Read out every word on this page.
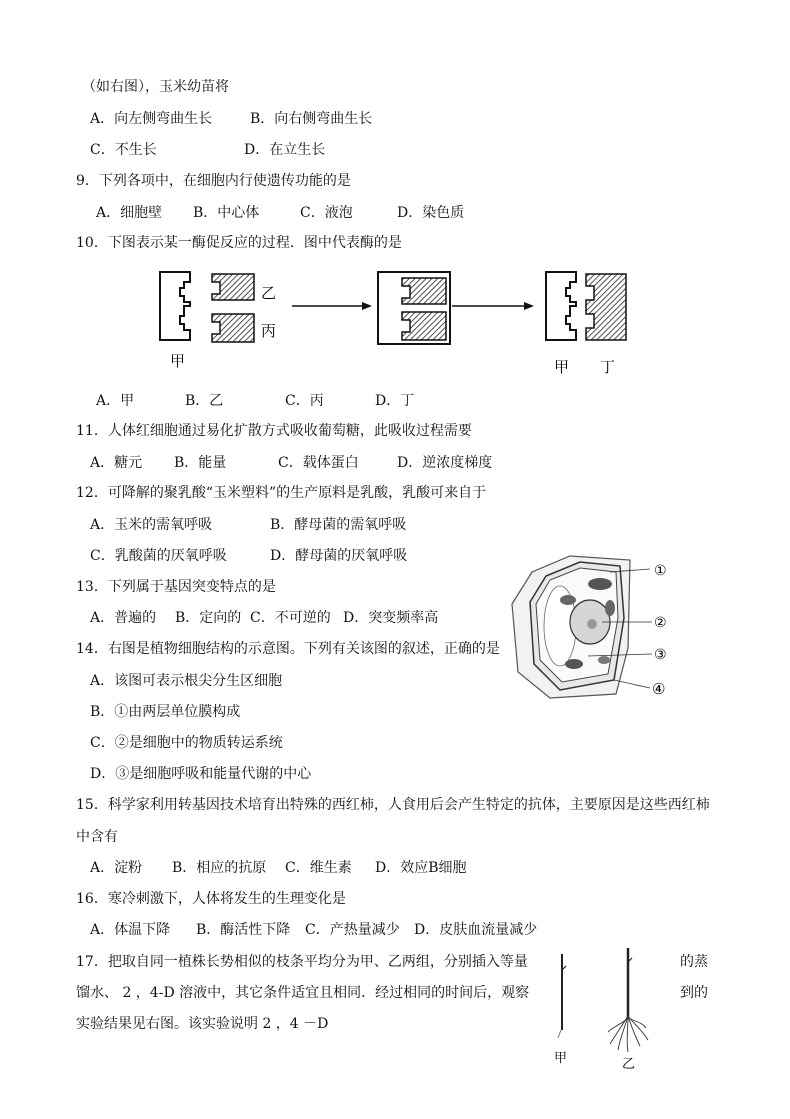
（如右图），玉米幼苗将
A．向左侧弯曲生长	B．向右侧弯曲生长
C．不生长	D．在立生长
9．下列各项中，在细胞内行使遗传功能的是
A．细胞壁 B．中心体	C．液泡	D．染色质
10．下图表示某一酶促反应的过程．图中代表酶的是
乙
丙
甲	甲 丁
A．甲	B．乙	C．丙	D．丁
11．人体红细胞通过易化扩散方式吸收葡萄糖，此吸收过程需要
A．糖元 B．能量	C．载体蛋白	D．逆浓度梯度
12．可降解的聚乳酸“玉米塑料”的生产原料是乳酸，乳酸可来自于
A．玉米的需氧呼吸	B．酵母菌的需氧呼吸
C．乳酸菌的厌氧呼吸	D．酵母菌的厌氧呼吸
13．下列属于基因突变特点的是
A．普遍的 B．定向的 C．不可逆的 D．突变频率高
14．右图是植物细胞结构的示意图。下列有关该图的叙述，正确的是
A．该图可表示根尖分生区细胞
B．①由两层单位膜构成
C．②是细胞中的物质转运系统
D．③是细胞呼吸和能量代谢的中心
①
②
③
④
15．科学家利用转基因技术培育出特殊的西红柿，人食用后会产生特定的抗体，主要原因是这些西红柿
中含有
A．淀粉 B．相应的抗原 C．维生素 D．效应B细胞
16．寒冷刺激下，人体将发生的生理变化是
A．体温下降 B．酶活性下降 C．产热量减少 D．皮肤血流量减少
17．把取自同一植株长势相似的枝条平均分为甲、乙两组，分别插入等量	的蒸
馏水、 2 ，4-D 溶液中，其它条件适宜且相同．经过相同的时间后，观察	到的
实验结果见右图。该实验说明 2 ，4 －D
甲	乙
